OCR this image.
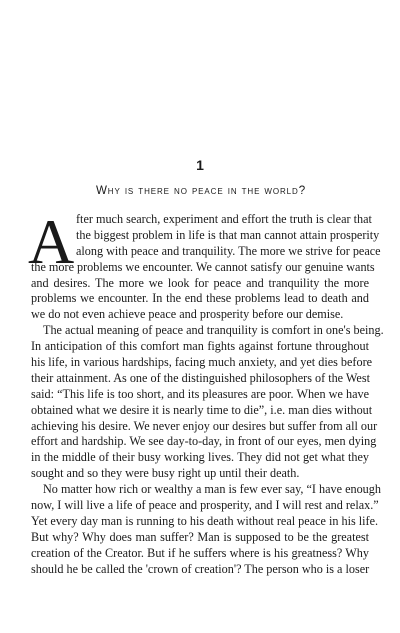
1
Why is there no peace in the world?
A fter much search, experiment and effort the truth is clear that
the biggest problem in life is that man cannot attain prosperity
along with peace and tranquility. The more we strive for peace
the more problems we encounter. We cannot satisfy our genuine wants
and desires. The more we look for peace and tranquility the more
problems we encounter. In the end these problems lead to death and
we do not even achieve peace and prosperity before our demise.
The actual meaning of peace and tranquility is comfort in one's being.
In anticipation of this comfort man fights against fortune throughout
his life, in various hardships, facing much anxiety, and yet dies before
their attainment. As one of the distinguished philosophers of the West
said: “This life is too short, and its pleasures are poor. When we have
obtained what we desire it is nearly time to die”, i.e. man dies without
achieving his desire. We never enjoy our desires but suffer from all our
effort and hardship. We see day-to-day, in front of our eyes, men dying
in the middle of their busy working lives. They did not get what they
sought and so they were busy right up until their death.
No matter how rich or wealthy a man is few ever say, “I have enough
now, I will live a life of peace and prosperity, and I will rest and relax.”
Yet every day man is running to his death without real peace in his life.
But why? Why does man suffer? Man is supposed to be the greatest
creation of the Creator. But if he suffers where is his greatness? Why
should he be called the 'crown of creation'? The person who is a loser
